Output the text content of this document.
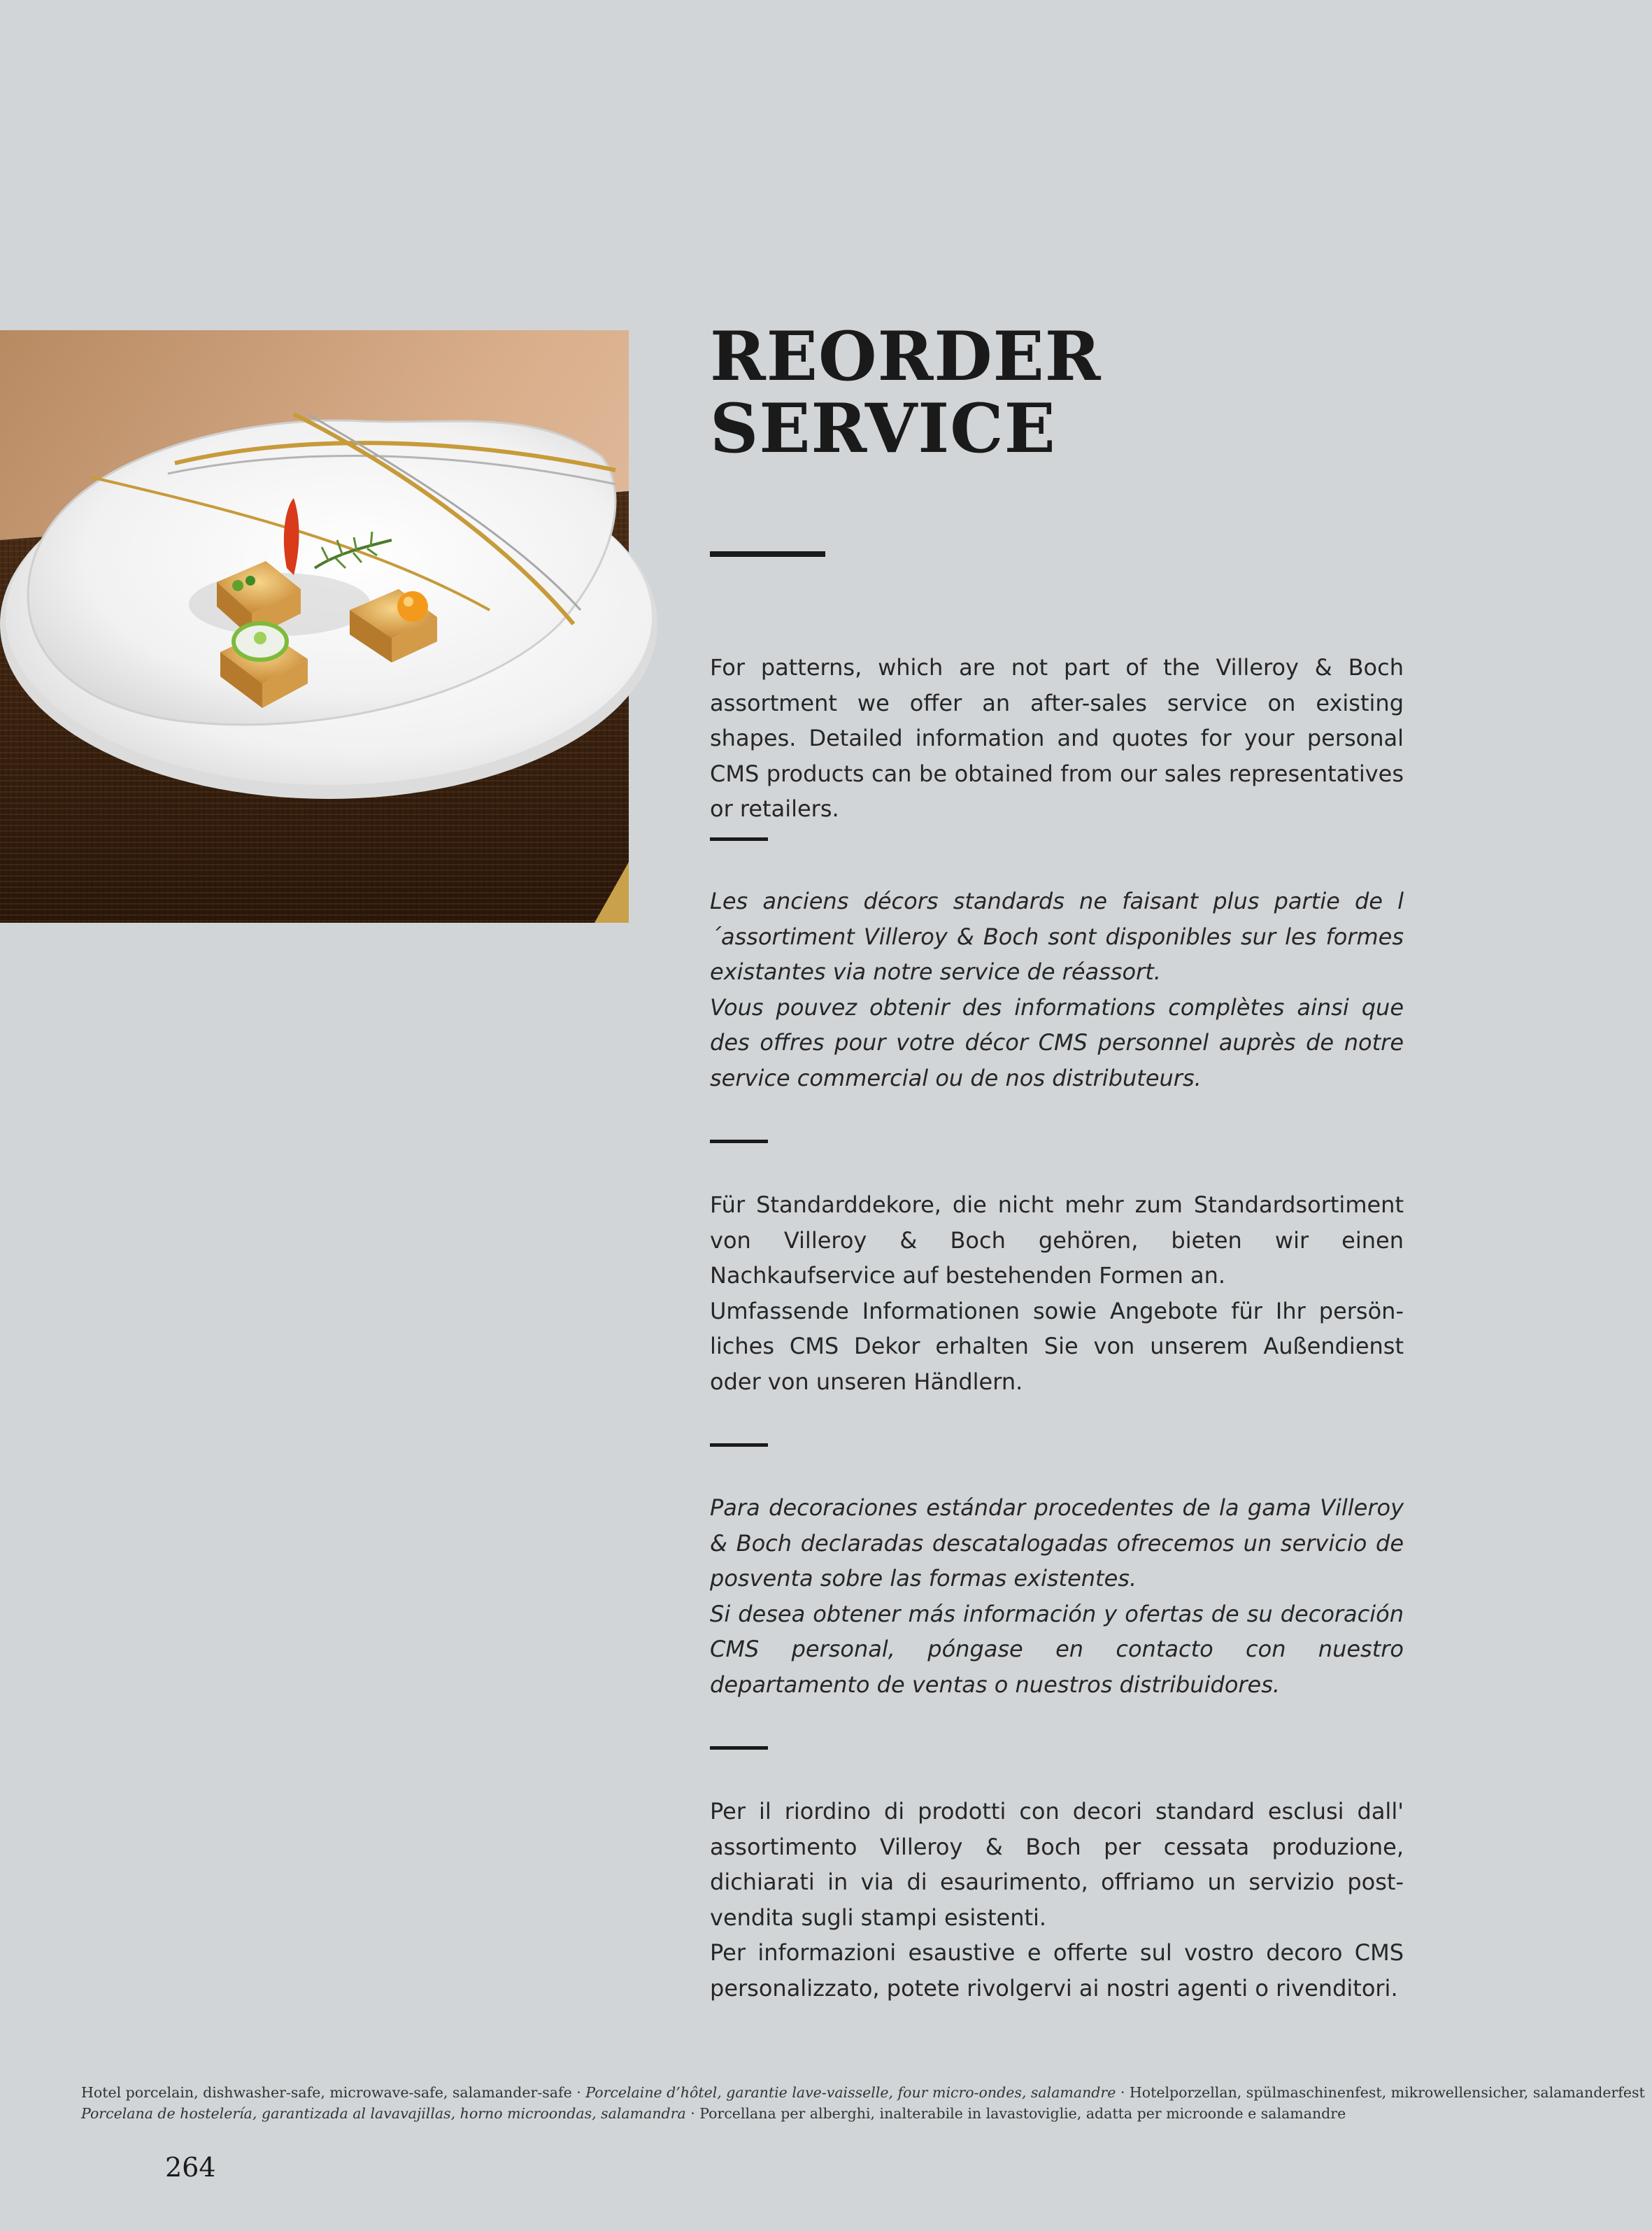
REORDER
SERVICE

For patterns, which are not part of the Villeroy & Boch assortment we offer an after-sales service on existing shapes. Detailed information and quotes for your personal CMS products can be obtained from our sales representatives or retailers.

Les anciens décors standards ne faisant plus partie de l´assortiment Villeroy & Boch sont disponibles sur les formes existantes via notre service de réassort.

Vous pouvez obtenir des informations complètes ainsi que des offres pour votre décor CMS personnel auprès de notre service commercial ou de nos distributeurs.

Für Standarddekore, die nicht mehr zum Standardsortiment von Villeroy & Boch gehören, bieten wir einen Nachkaufservice auf bestehenden Formen an.

Umfassende Informationen sowie Angebote für Ihr persönliches CMS Dekor erhalten Sie von unserem Außendienst oder von unseren Händlern.

Para decoraciones estándar procedentes de la gama Villeroy & Boch declaradas descatalogadas ofrecemos un servicio de posventa sobre las formas existentes.

Si desea obtener más información y ofertas de su decoración CMS personal, póngase en contacto con nuestro departamento de ventas o nuestros distribuidores.

Per il riordino di prodotti con decori standard esclusi dall' assortimento Villeroy & Boch per cessata produzione, dichiarati in via di esaurimento, offriamo un servizio post-vendita sugli stampi esistenti.

Per informazioni esaustive e offerte sul vostro decoro CMS personalizzato, potete rivolgervi ai nostri agenti o rivenditori.

Hotel porcelain, dishwasher-safe, microwave-safe, salamander-safe · Porcelaine d’hôtel, garantie lave-vaisselle, four micro-ondes, salamandre · Hotelporzellan, spülmaschinenfest, mikrowellensicher, salamanderfest
Porcelana de hostelería, garantizada al lavavajillas, horno microondas, salamandra · Porcellana per alberghi, inalterabile in lavastoviglie, adatta per microonde e salamandre
264
